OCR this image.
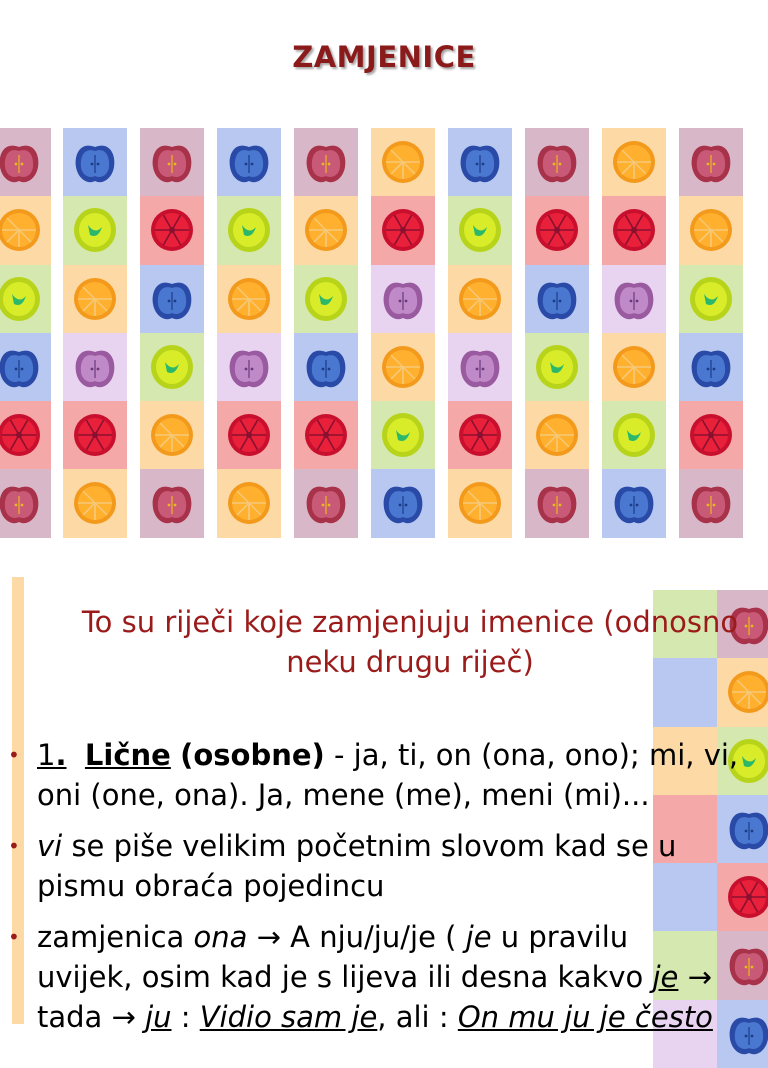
ZAMJENICE
To su riječi koje zamjenjuju imenice (odnosno
neku drugu riječ)
• 1. Lične (osobne) - ja, ti, on (ona, ono); mi, vi,
oni (one, ona). Ja, mene (me), meni (mi)...
• vi se piše velikim početnim slovom kad se u
pismu obraća pojedincu
• zamjenica ona → A nju/ju/je ( je u pravilu
uvijek, osim kad je s lijeva ili desna kakvo je →
tada → ju : Vidio sam je, ali : On mu ju je često
